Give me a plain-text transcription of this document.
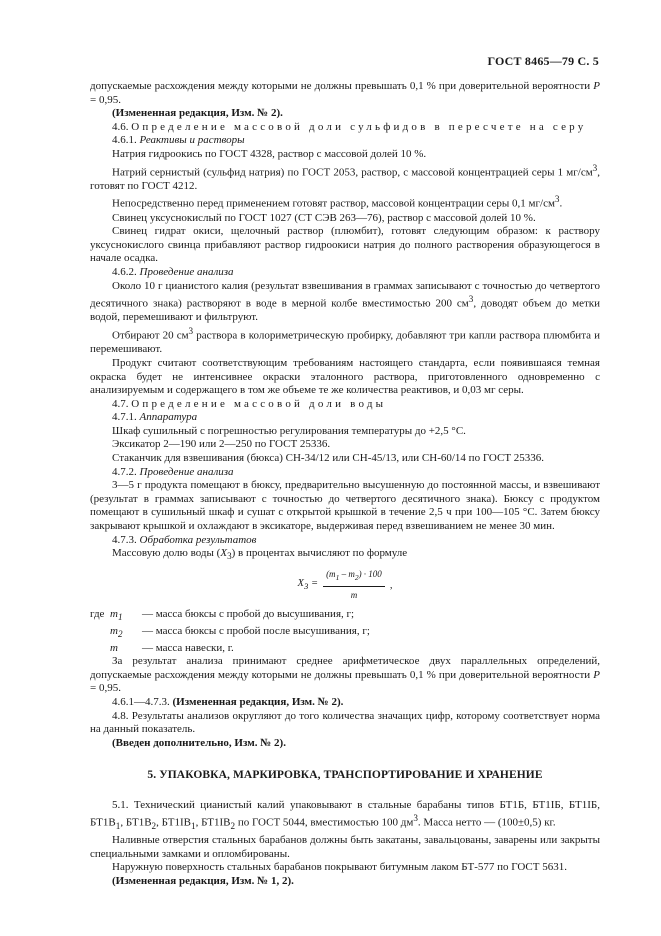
ГОСТ 8465—79 С. 5

допускаемые расхождения между которыми не должны превышать 0,1 % при доверительной вероятности P = 0,95.

(Измененная редакция, Изм. № 2).

4.6. Определение массовой доли сульфидов в пересчете на серу

4.6.1. Реактивы и растворы

Натрия гидроокись по ГОСТ 4328, раствор с массовой долей 10 %.

Натрий сернистый (сульфид натрия) по ГОСТ 2053, раствор, с массовой концентрацией серы 1 $мг/см^3$, готовят по ГОСТ 4212.

Непосредственно перед применением готовят раствор, массовой концентрации серы 0,1 $мг/см^3$.

Свинец уксуснокислый по ГОСТ 1027 (СТ СЭВ 263—76), раствор с массовой долей 10 %.

Свинец гидрат окиси, щелочный раствор (плюмбит), готовят следующим образом: к раствору уксуснокислого свинца прибавляют раствор гидроокиси натрия до полного растворения образующегося в начале осадка.

4.6.2. Проведение анализа

Около 10 г цианистого калия (результат взвешивания в граммах записывают с точностью до четвертого десятичного знака) растворяют в воде в мерной колбе вместимостью 200 $см^3$, доводят объем до метки водой, перемешивают и фильтруют.

Отбирают 20 $см^3$ раствора в колориметрическую пробирку, добавляют три капли раствора плюмбита и перемешивают.

Продукт считают соответствующим требованиям настоящего стандарта, если появившаяся темная окраска будет не интенсивнее окраски эталонного раствора, приготовленного одновременно с анализируемым и содержащего в том же объеме те же количества реактивов, и 0,03 мг серы.

4.7. Определение массовой доли воды

4.7.1. Аппаратура

Шкаф сушильный с погрешностью регулирования температуры до +2,5 °С.

Эксикатор 2—190 или 2—250 по ГОСТ 25336.

Стаканчик для взвешивания (бюкса) СН-34/12 или СН-45/13, или СН-60/14 по ГОСТ 25336.

4.7.2. Проведение анализа

3—5 г продукта помещают в бюксу, предварительно высушенную до постоянной массы, и взвешивают (результат в граммах записывают с точностью до четвертого десятичного знака). Бюксу с продуктом помещают в сушильный шкаф и сушат с открытой крышкой в течение 2,5 ч при 100—105 °С. Затем бюксу закрывают крышкой и охлаждают в эксикаторе, выдерживая перед взвешиванием не менее 30 мин.

4.7.3. Обработка результатов

Массовую долю воды $(X_3)$ в процентах вычисляют по формуле

$X_3 = \frac{(m_1 - m_2) \cdot 100}{m}$ ,
где $m_1$	— масса бюксы с пробой до высушивания, г;
$m_2$	— масса бюксы с пробой после высушивания, г;
m	— масса навески, г.

За результат анализа принимают среднее арифметическое двух параллельных определений, допускаемые расхождения между которыми не должны превышать 0,1 % при доверительной вероятности P = 0,95.

4.6.1—4.7.3. (Измененная редакция, Изм. № 2).

4.8. Результаты анализов округляют до того количества значащих цифр, которому соответствует норма на данный показатель.

(Введен дополнительно, Изм. № 2).

5. УПАКОВКА, МАРКИРОВКА, ТРАНСПОРТИРОВАНИЕ И ХРАНЕНИЕ

5.1. Технический цианистый калий упаковывают в стальные барабаны типов БТ1Б, БТ1ІБ, БТ1ІБ, $БТ1В_1$, $БТ1В_2$, $БТ1ІВ_1$, $БТ1ІВ_2$ по ГОСТ 5044, вместимостью 100 $дм^3$. Масса нетто — (100±0,5) кг.

Наливные отверстия стальных барабанов должны быть закатаны, завальцованы, заварены или закрыты специальными замками и опломбированы.

Наружную поверхность стальных барабанов покрывают битумным лаком БТ-577 по ГОСТ 5631.

(Измененная редакция, Изм. № 1, 2).
